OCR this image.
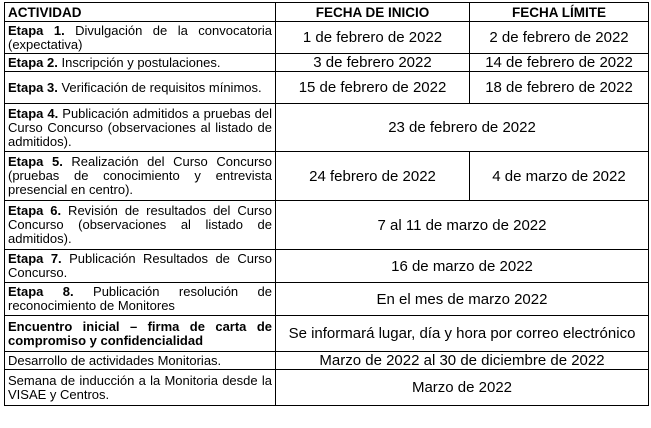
ACTIVIDAD	FECHA DE INICIO	FECHA LÍMITE
Etapa 1. Divulgación de la convocatoria (expectativa)	1 de febrero de 2022	2 de febrero de 2022
Etapa 2. Inscripción y postulaciones.	3 de febrero 2022	14 de febrero de 2022
Etapa 3. Verificación de requisitos mínimos.	15 de febrero de 2022	18 de febrero de 2022
Etapa 4. Publicación admitidos a pruebas del Curso Concurso (observaciones al listado de admitidos).	23 de febrero de 2022	
Etapa 5. Realización del Curso Concurso (pruebas de conocimiento y entrevista presencial en centro).	24 febrero de 2022	4 de marzo de 2022
Etapa 6. Revisión de resultados del Curso Concurso (observaciones al listado de admitidos).	7 al 11 de marzo de 2022	
Etapa 7. Publicación Resultados de Curso Concurso.	16 de marzo de 2022	
Etapa 8. Publicación resolución de reconocimiento de Monitores	En el mes de marzo 2022	
Encuentro inicial – firma de carta de compromiso y confidencialidad	Se informará lugar, día y hora por correo electrónico	
Desarrollo de actividades Monitorias.	Marzo de 2022 al 30 de diciembre de 2022	
Semana de inducción a la Monitoria desde la VISAE y Centros.	Marzo de 2022	
